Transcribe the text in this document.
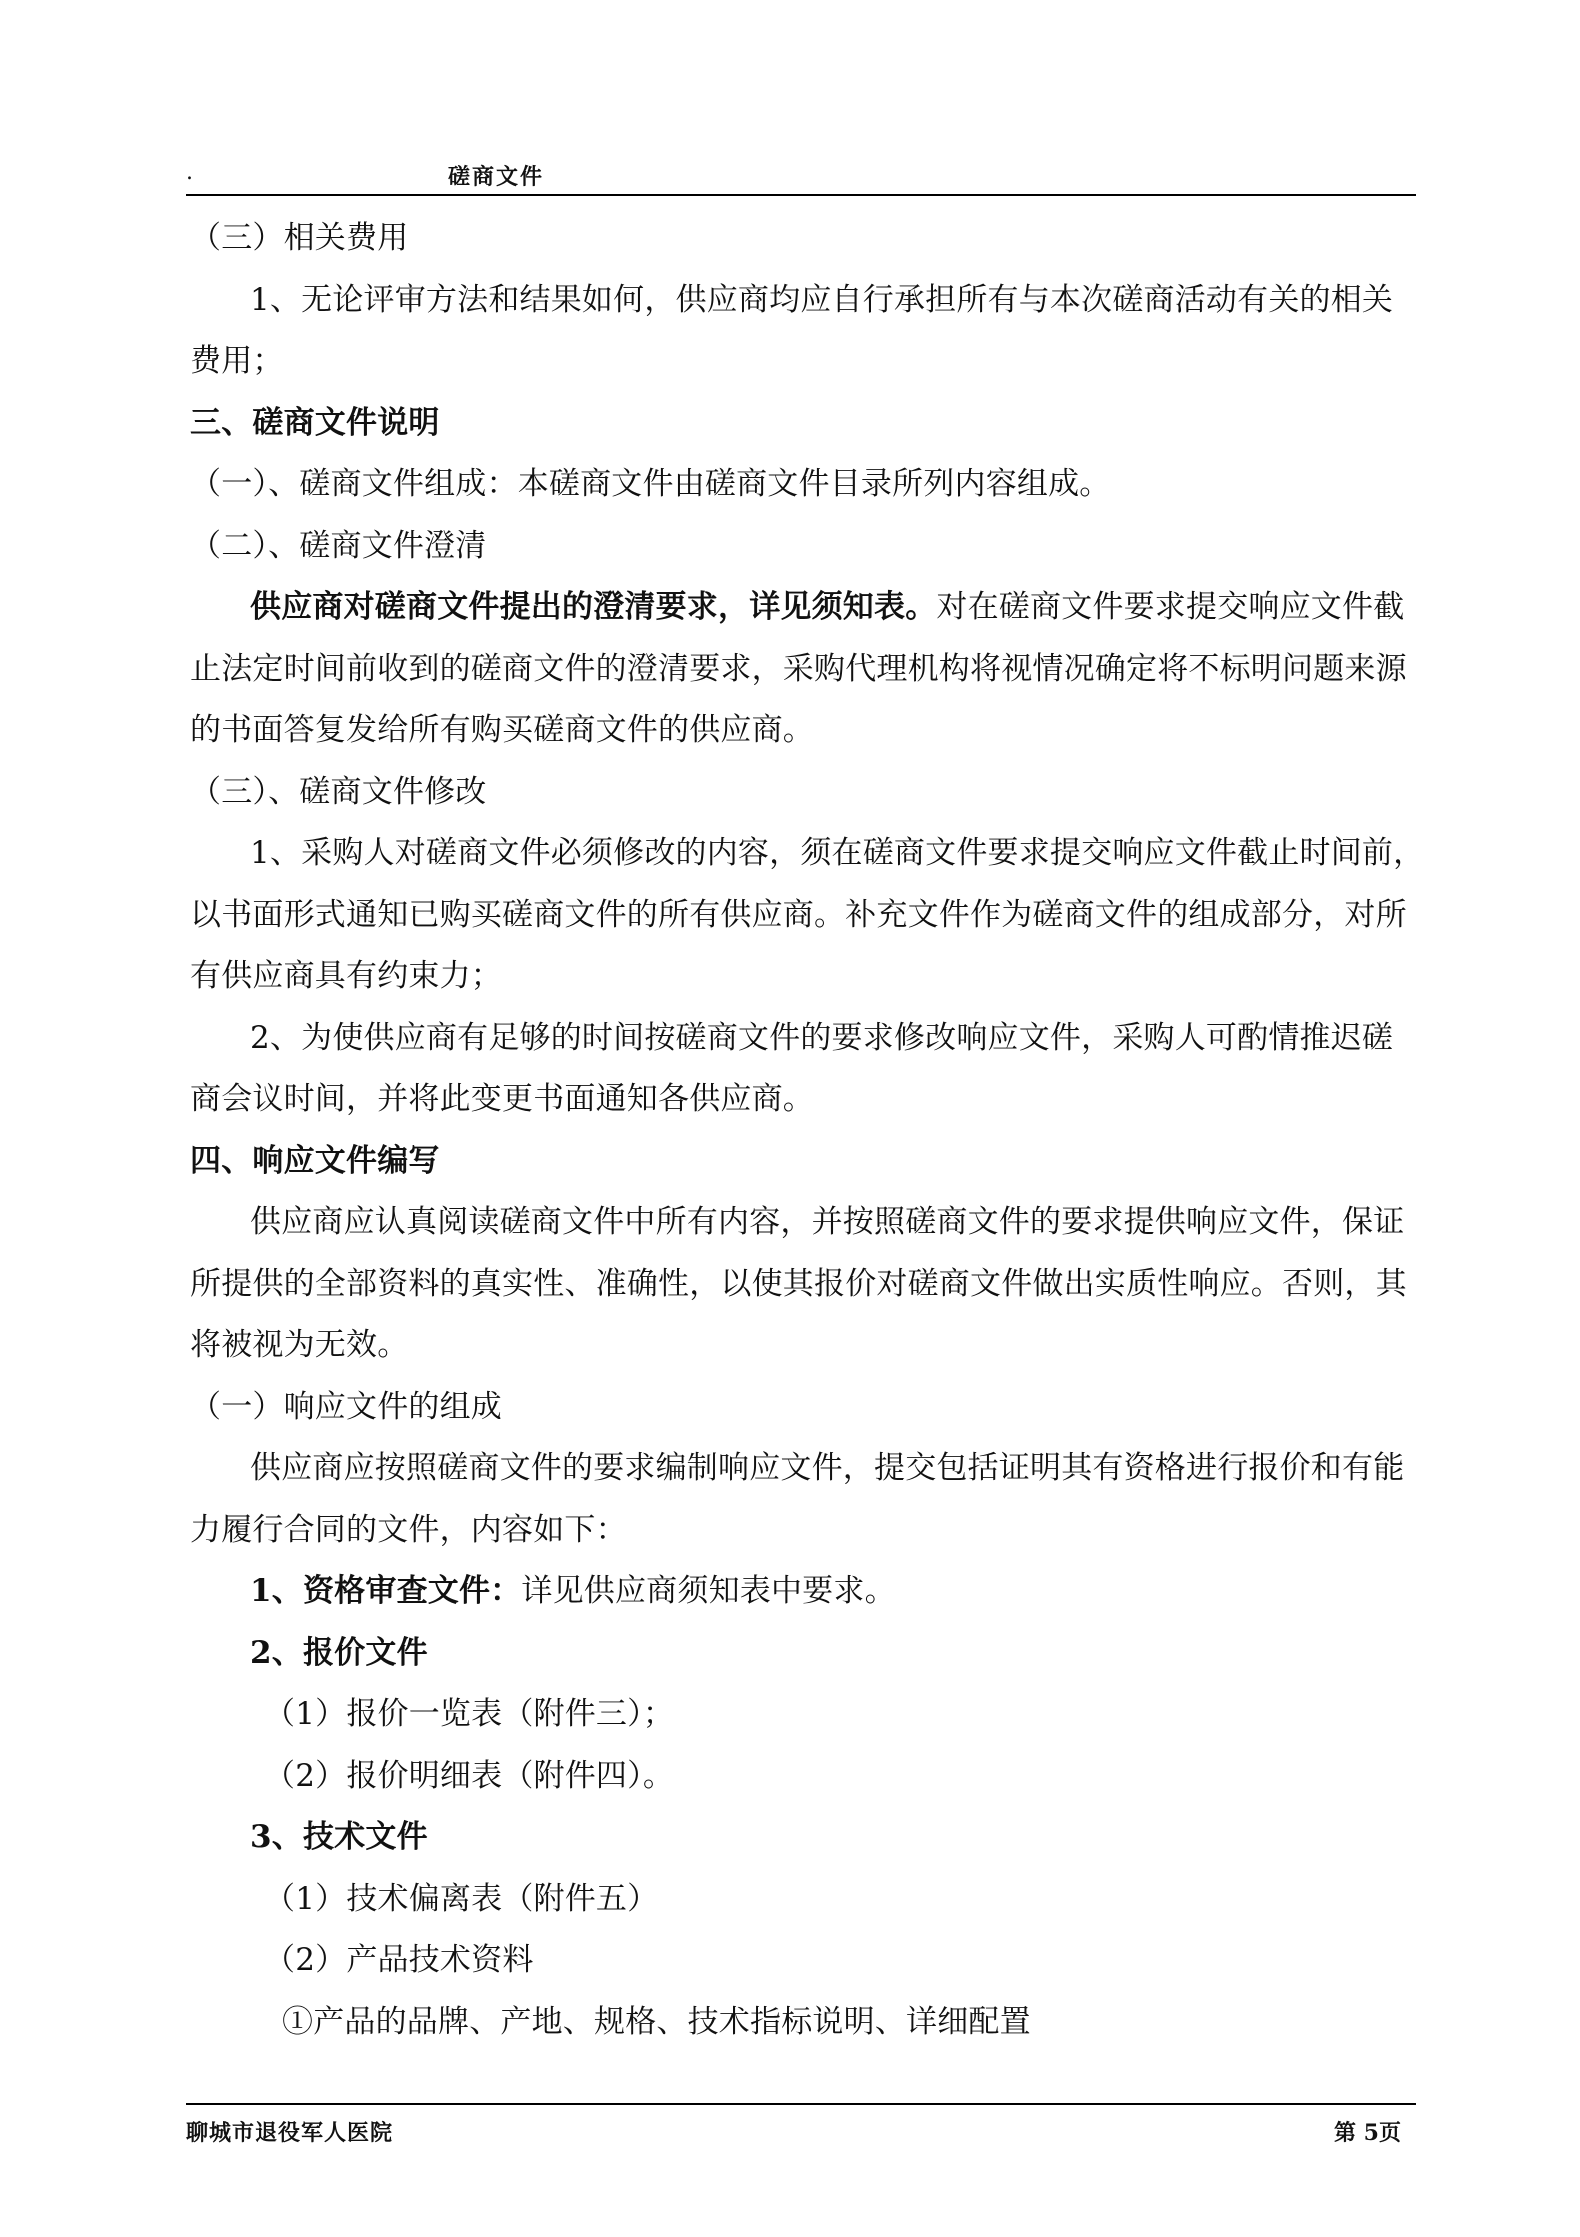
.	磋商文件
（三）相关费用
1、无论评审方法和结果如何，供应商均应自行承担所有与本次磋商活动有关的相关
费用；
三、磋商文件说明
（一）、磋商文件组成：本磋商文件由磋商文件目录所列内容组成。
（二）、磋商文件澄清
供应商对磋商文件提出的澄清要求，详见须知表。对在磋商文件要求提交响应文件截
止法定时间前收到的磋商文件的澄清要求，采购代理机构将视情况确定将不标明问题来源
的书面答复发给所有购买磋商文件的供应商。
（三）、磋商文件修改
1、采购人对磋商文件必须修改的内容，须在磋商文件要求提交响应文件截止时间前，
以书面形式通知已购买磋商文件的所有供应商。补充文件作为磋商文件的组成部分，对所
有供应商具有约束力；
2、为使供应商有足够的时间按磋商文件的要求修改响应文件，采购人可酌情推迟磋
商会议时间，并将此变更书面通知各供应商。
四、响应文件编写
供应商应认真阅读磋商文件中所有内容，并按照磋商文件的要求提供响应文件，保证
所提供的全部资料的真实性、准确性，以使其报价对磋商文件做出实质性响应。否则，其
将被视为无效。
（一）响应文件的组成
供应商应按照磋商文件的要求编制响应文件，提交包括证明其有资格进行报价和有能
力履行合同的文件，内容如下：
1、资格审查文件：详见供应商须知表中要求。
2、报价文件
（1）报价一览表（附件三）；
（2）报价明细表（附件四）。
3、技术文件
（1）技术偏离表（附件五）
（2）产品技术资料
①产品的品牌、产地、规格、技术指标说明、详细配置
聊城市退役军人医院	第 5页
